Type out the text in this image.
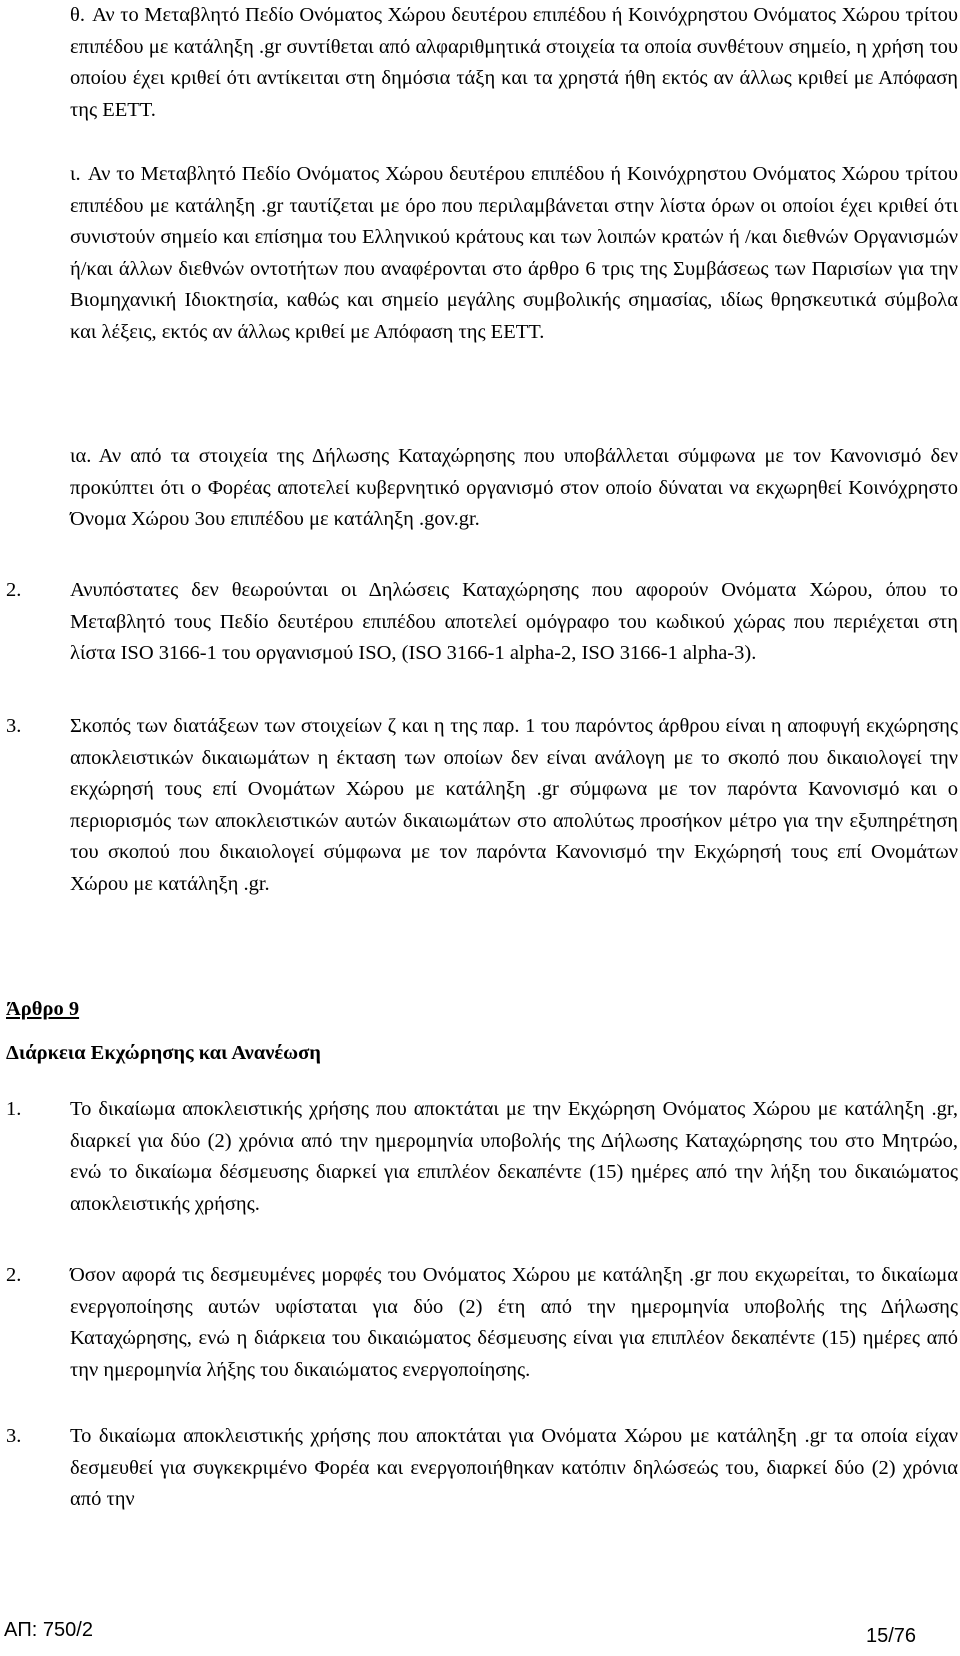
θ. Αν το Μεταβλητό Πεδίο Ονόματος Χώρου δευτέρου επιπέδου ή Κοινόχρηστου Ονόματος Χώρου τρίτου επιπέδου με κατάληξη .gr συντίθεται από αλφαριθμητικά στοιχεία τα οποία συνθέτουν σημείο, η χρήση του οποίου έχει κριθεί ότι αντίκειται στη δημόσια τάξη και τα χρηστά ήθη εκτός αν άλλως κριθεί με Απόφαση της ΕΕΤΤ.
ι. Αν το Μεταβλητό Πεδίο Ονόματος Χώρου δευτέρου επιπέδου ή Κοινόχρηστου Ονόματος Χώρου τρίτου επιπέδου με κατάληξη .gr ταυτίζεται με όρο που περιλαμβάνεται στην λίστα όρων οι οποίοι έχει κριθεί ότι συνιστούν σημείο και επίσημα του Ελληνικού κράτους και των λοιπών κρατών ή /και διεθνών Οργανισμών ή/και άλλων διεθνών οντοτήτων που αναφέρονται στο άρθρο 6 τρις της Συμβάσεως των Παρισίων για την Βιομηχανική Ιδιοκτησία, καθώς και σημείο μεγάλης συμβολικής σημασίας, ιδίως θρησκευτικά σύμβολα και λέξεις, εκτός αν άλλως κριθεί με Απόφαση της ΕΕΤΤ.
ια. Αν από τα στοιχεία της Δήλωσης Καταχώρησης που υποβάλλεται σύμφωνα με τον Κανονισμό δεν προκύπτει ότι ο Φορέας αποτελεί κυβερνητικό οργανισμό στον οποίο δύναται να εκχωρηθεί Κοινόχρηστο Όνομα Χώρου 3ου επιπέδου με κατάληξη .gov.gr.
2. Ανυπόστατες δεν θεωρούνται οι Δηλώσεις Καταχώρησης που αφορούν Ονόματα Χώρου, όπου το Μεταβλητό τους Πεδίο δευτέρου επιπέδου αποτελεί ομόγραφο του κωδικού χώρας που περιέχεται στη λίστα ISO 3166-1 του οργανισμού ISO, (ISO 3166-1 alpha-2, ISO 3166-1 alpha-3).
3. Σκοπός των διατάξεων των στοιχείων ζ και η της παρ. 1 του παρόντος άρθρου είναι η αποφυγή εκχώρησης αποκλειστικών δικαιωμάτων η έκταση των οποίων δεν είναι ανάλογη με το σκοπό που δικαιολογεί την εκχώρησή τους επί Ονομάτων Χώρου με κατάληξη .gr σύμφωνα με τον παρόντα Κανονισμό και ο περιορισμός των αποκλειστικών αυτών δικαιωμάτων στο απολύτως προσήκον μέτρο για την εξυπηρέτηση του σκοπού που δικαιολογεί σύμφωνα με τον παρόντα Κανονισμό την Εκχώρησή τους επί Ονομάτων Χώρου με κατάληξη .gr.
Άρθρο 9
Διάρκεια Εκχώρησης και Ανανέωση
1. Το δικαίωμα αποκλειστικής χρήσης που αποκτάται με την Εκχώρηση Ονόματος Χώρου με κατάληξη .gr, διαρκεί για δύο (2) χρόνια από την ημερομηνία υποβολής της Δήλωσης Καταχώρησης του στο Μητρώο, ενώ το δικαίωμα δέσμευσης διαρκεί για επιπλέον δεκαπέντε (15) ημέρες από την λήξη του δικαιώματος αποκλειστικής χρήσης.
2. Όσον αφορά τις δεσμευμένες μορφές του Ονόματος Χώρου με κατάληξη .gr που εκχωρείται, το δικαίωμα ενεργοποίησης αυτών υφίσταται για δύο (2) έτη από την ημερομηνία υποβολής της Δήλωσης Καταχώρησης, ενώ η διάρκεια του δικαιώματος δέσμευσης είναι για επιπλέον δεκαπέντε (15) ημέρες από την ημερομηνία λήξης του δικαιώματος ενεργοποίησης.
3. Το δικαίωμα αποκλειστικής χρήσης που αποκτάται για Ονόματα Χώρου με κατάληξη .gr τα οποία είχαν δεσμευθεί για συγκεκριμένο Φορέα και ενεργοποιήθηκαν κατόπιν δηλώσεώς του, διαρκεί δύο (2) χρόνια από την
ΑΠ: 750/2	15/76
